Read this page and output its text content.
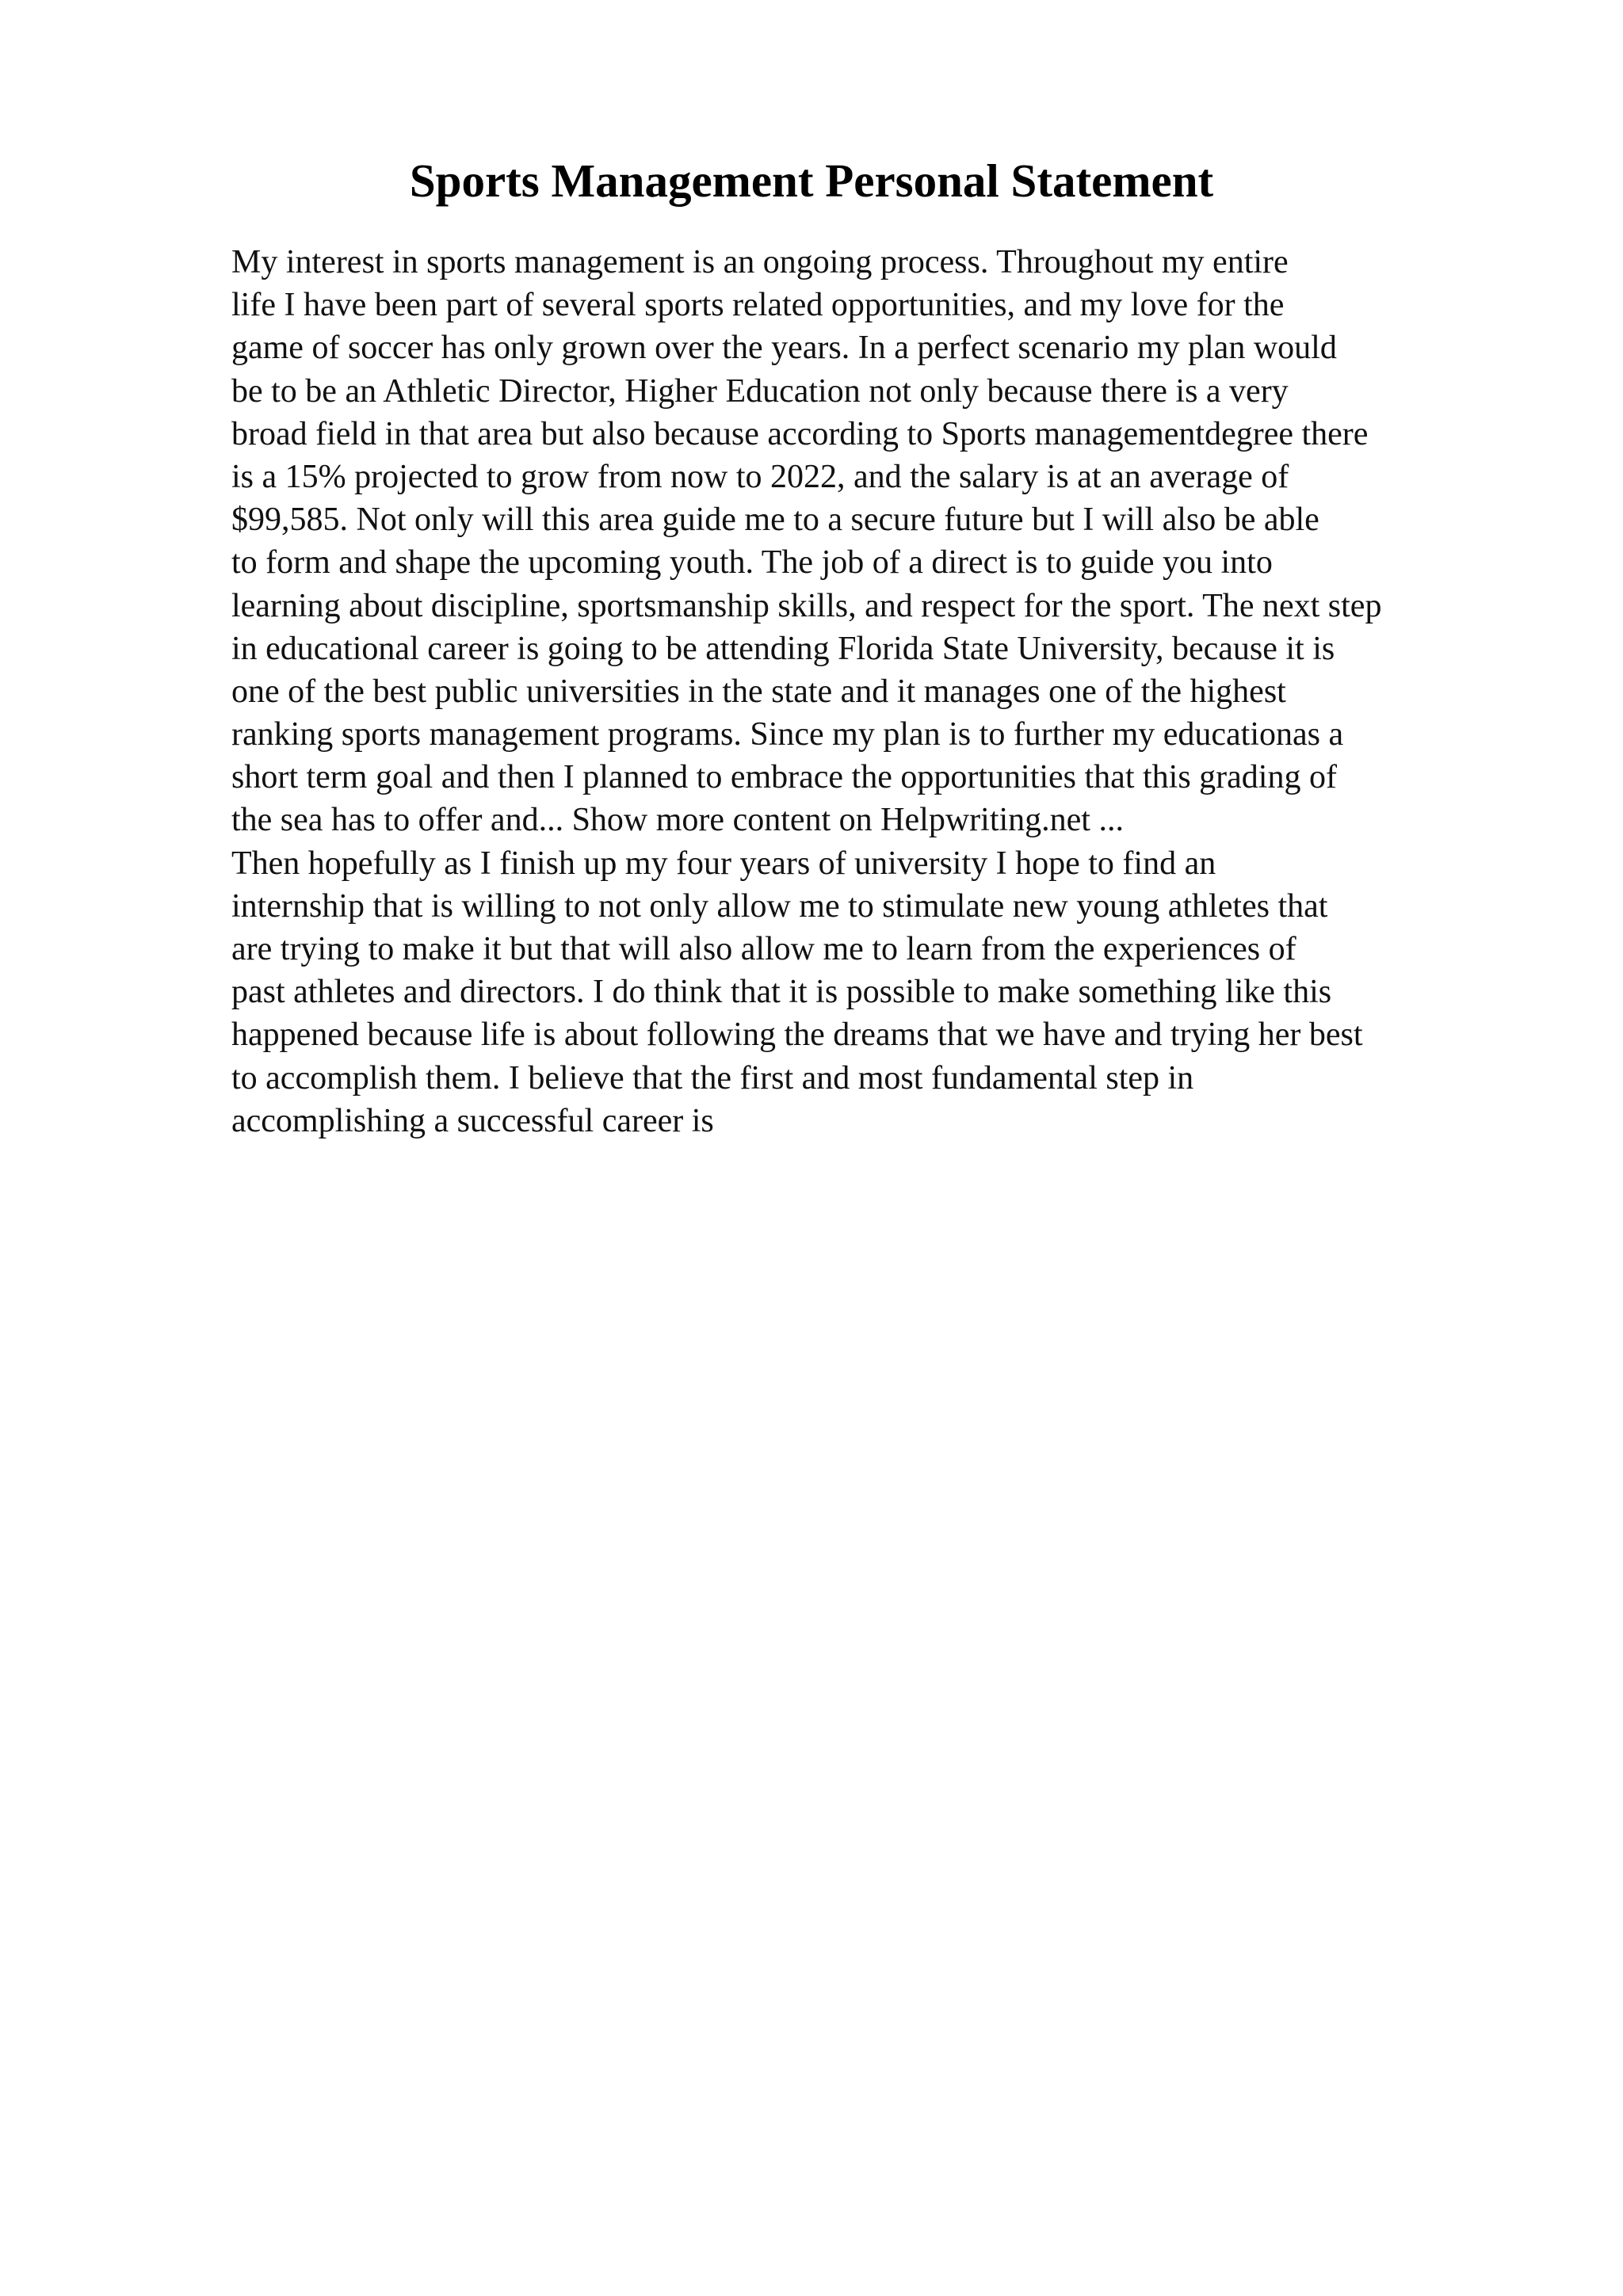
Sports Management Personal Statement
My interest in sports management is an ongoing process. Throughout my entire
life I have been part of several sports related opportunities, and my love for the
game of soccer has only grown over the years. In a perfect scenario my plan would
be to be an Athletic Director, Higher Education not only because there is a very
broad field in that area but also because according to Sports managementdegree there
is a 15% projected to grow from now to 2022, and the salary is at an average of
$99,585. Not only will this area guide me to a secure future but I will also be able
to form and shape the upcoming youth. The job of a direct is to guide you into
learning about discipline, sportsmanship skills, and respect for the sport. The next step
in educational career is going to be attending Florida State University, because it is
one of the best public universities in the state and it manages one of the highest
ranking sports management programs. Since my plan is to further my educationas a
short term goal and then I planned to embrace the opportunities that this grading of
the sea has to offer and... Show more content on Helpwriting.net ...
Then hopefully as I finish up my four years of university I hope to find an
internship that is willing to not only allow me to stimulate new young athletes that
are trying to make it but that will also allow me to learn from the experiences of
past athletes and directors. I do think that it is possible to make something like this
happened because life is about following the dreams that we have and trying her best
to accomplish them. I believe that the first and most fundamental step in
accomplishing a successful career is
